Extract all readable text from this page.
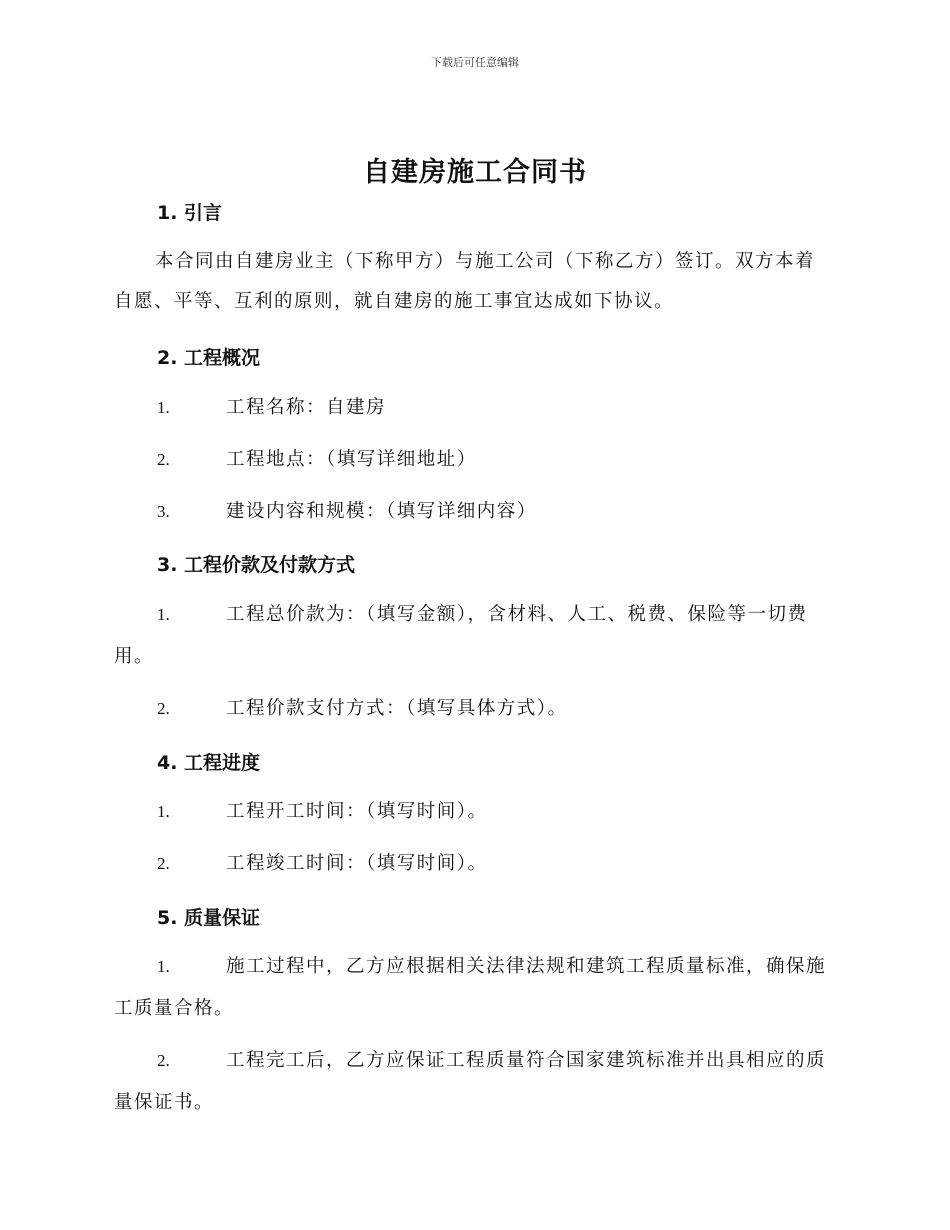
下载后可任意编辑
自建房施工合同书
1. 引言
本合同由自建房业主（下称甲方）与施工公司（下称乙方）签订。双方本着自愿、平等、互利的原则，就自建房的施工事宜达成如下协议。
2. 工程概况
1.	工程名称：自建房
2.	工程地点：（填写详细地址）
3.	建设内容和规模：（填写详细内容）
3. 工程价款及付款方式
1.	工程总价款为：（填写金额），含材料、人工、税费、保险等一切费用。
2.	工程价款支付方式：（填写具体方式）。
4. 工程进度
1.	工程开工时间：（填写时间）。
2.	工程竣工时间：（填写时间）。
5. 质量保证
1.	施工过程中，乙方应根据相关法律法规和建筑工程质量标准，确保施工质量合格。
2.	工程完工后，乙方应保证工程质量符合国家建筑标准并出具相应的质量保证书。
